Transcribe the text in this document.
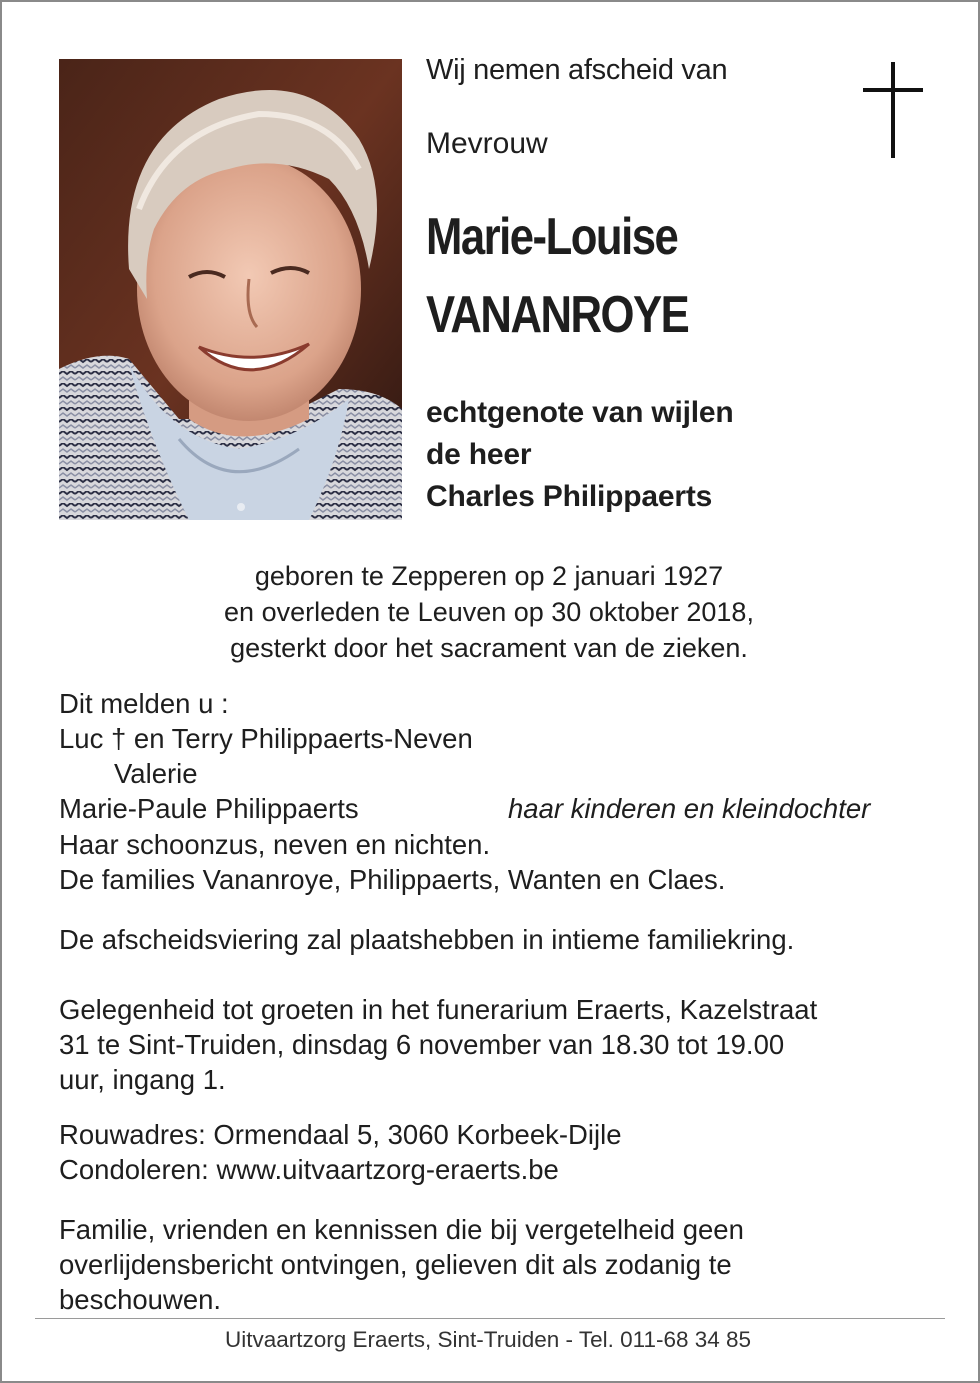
Wij nemen afscheid van
Mevrouw
Marie-Louise
VANANROYE
echtgenote van wijlen
de heer
Charles Philippaerts
geboren te Zepperen op 2 januari 1927
en overleden te Leuven op 30 oktober 2018,
gesterkt door het sacrament van de zieken.
Dit melden u :
Luc † en Terry Philippaerts-Neven
Valerie
Marie-Paule Philippaerts	haar kinderen en kleindochter
Haar schoonzus, neven en nichten.
De families Vananroye, Philippaerts, Wanten en Claes.
De afscheidsviering zal plaatshebben in intieme familiekring.
Gelegenheid tot groeten in het funerarium Eraerts, Kazelstraat
31 te Sint-Truiden, dinsdag 6 november van 18.30 tot 19.00
uur, ingang 1.
Rouwadres: Ormendaal 5, 3060 Korbeek-Dijle
Condoleren: www.uitvaartzorg-eraerts.be
Familie, vrienden en kennissen die bij vergetelheid geen
overlijdensbericht ontvingen, gelieven dit als zodanig te
beschouwen.
Uitvaartzorg Eraerts, Sint-Truiden - Tel. 011-68 34 85
